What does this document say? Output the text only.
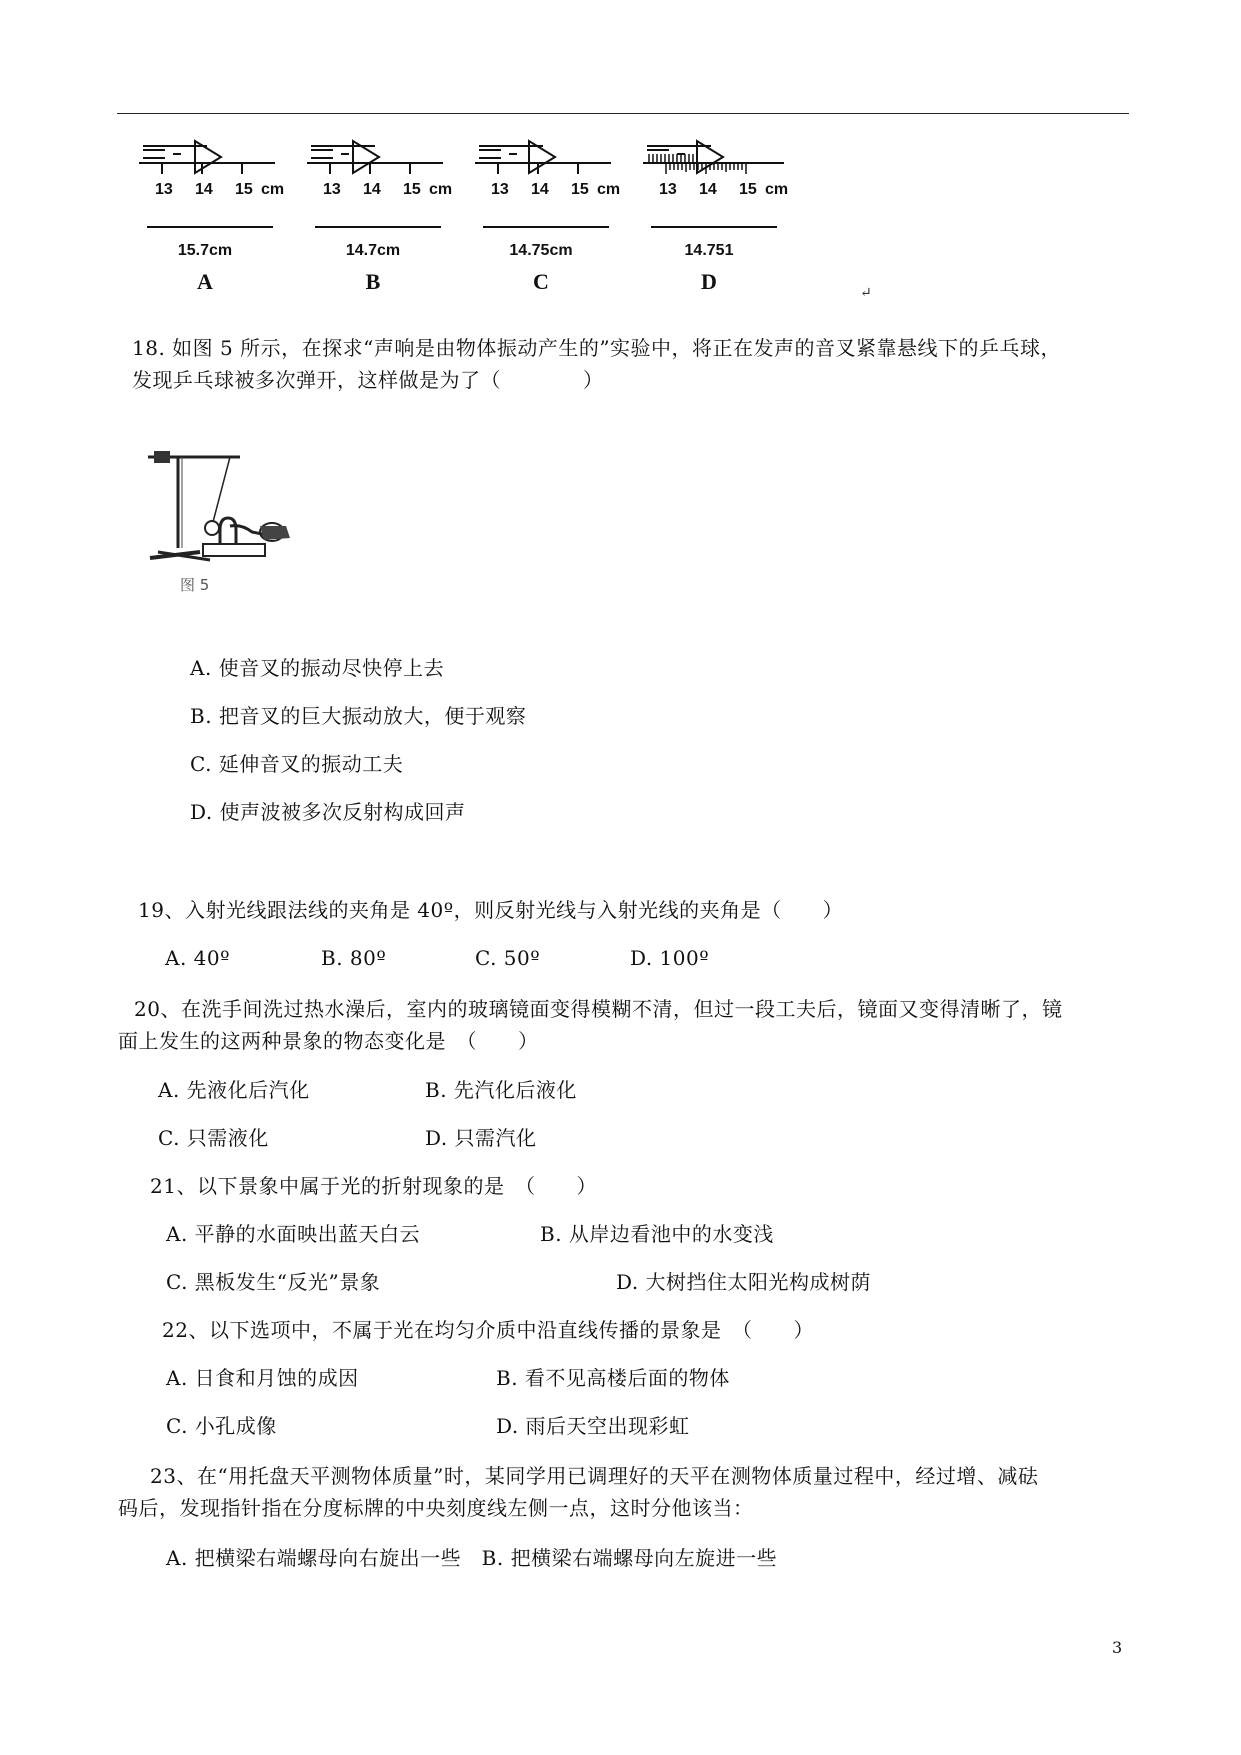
13 14 15 cm
15.7cm
A
13 14 15 cm
14.7cm
B
13 14 15 cm
14.75cm
C
13 14 15 cm
14.751
D	↵
18. 如图 5 所示，在探求“声响是由物体振动产生的”实验中，将正在发声的音叉紧靠悬线下的乒乓球，
发现乒乓球被多次弹开，这样做是为了（　　　　）
图 5
A. 使音叉的振动尽快停上去
B. 把音叉的巨大振动放大，便于观察
C. 延伸音叉的振动工夫
D. 使声波被多次反射构成回声
19、入射光线跟法线的夹角是 40º，则反射光线与入射光线的夹角是（　　）
A. 40º	B. 80º	C. 50º	D. 100º
20、在洗手间洗过热水澡后，室内的玻璃镜面变得模糊不清，但过一段工夫后，镜面又变得清晰了，镜
面上发生的这两种景象的物态变化是　（　　）
A. 先液化后汽化	B. 先汽化后液化
C. 只需液化	D. 只需汽化
21、以下景象中属于光的折射现象的是　（　　）
A. 平静的水面映出蓝天白云	B. 从岸边看池中的水变浅
C. 黑板发生“反光”景象	D. 大树挡住太阳光构成树荫
22、以下选项中，不属于光在均匀介质中沿直线传播的景象是　（　　）
A. 日食和月蚀的成因	B. 看不见高楼后面的物体
C. 小孔成像	D. 雨后天空出现彩虹
23、在“用托盘天平测物体质量”时，某同学用已调理好的天平在测物体质量过程中，经过增、减砝
码后，发现指针指在分度标牌的中央刻度线左侧一点，这时分他该当：
A. 把横梁右端螺母向右旋出一些　B. 把横梁右端螺母向左旋进一些
3
